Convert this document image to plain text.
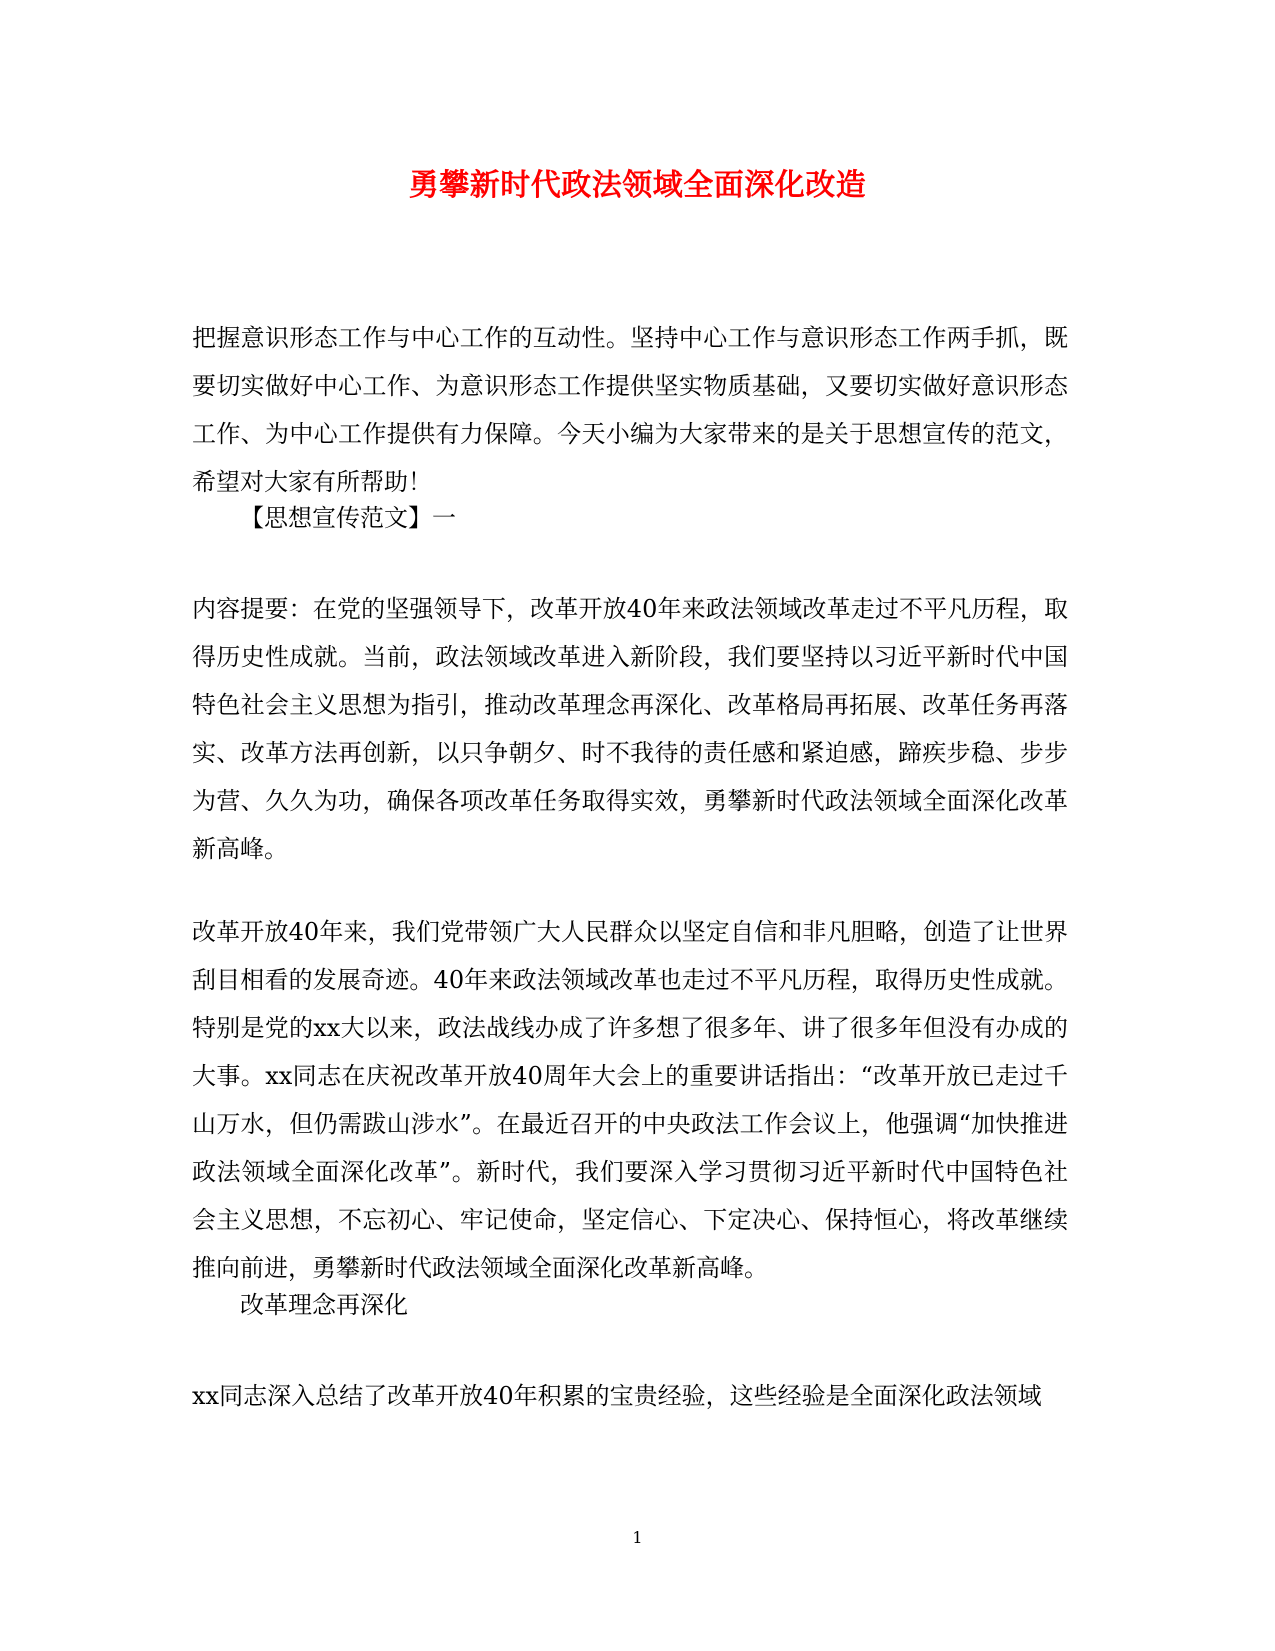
勇攀新时代政法领域全面深化改造

把握意识形态工作与中心工作的互动性。坚持中心工作与意识形态工作两手抓，既要切实做好中心工作、为意识形态工作提供坚实物质基础，又要切实做好意识形态工作、为中心工作提供有力保障。今天小编为大家带来的是关于思想宣传的范文，希望对大家有所帮助！

【思想宣传范文】一

内容提要：在党的坚强领导下，改革开放40年来政法领域改革走过不平凡历程，取得历史性成就。当前，政法领域改革进入新阶段，我们要坚持以习近平新时代中国特色社会主义思想为指引，推动改革理念再深化、改革格局再拓展、改革任务再落实、改革方法再创新，以只争朝夕、时不我待的责任感和紧迫感，蹄疾步稳、步步为营、久久为功，确保各项改革任务取得实效，勇攀新时代政法领域全面深化改革新高峰。

改革开放40年来，我们党带领广大人民群众以坚定自信和非凡胆略，创造了让世界刮目相看的发展奇迹。40年来政法领域改革也走过不平凡历程，取得历史性成就。特别是党的xx大以来，政法战线办成了许多想了很多年、讲了很多年但没有办成的大事。xx同志在庆祝改革开放40周年大会上的重要讲话指出：“改革开放已走过千山万水，但仍需跋山涉水”。在最近召开的中央政法工作会议上，他强调“加快推进政法领域全面深化改革”。新时代，我们要深入学习贯彻习近平新时代中国特色社会主义思想，不忘初心、牢记使命，坚定信心、下定决心、保持恒心，将改革继续推向前进，勇攀新时代政法领域全面深化改革新高峰。

改革理念再深化

xx同志深入总结了改革开放40年积累的宝贵经验，这些经验是全面深化政法领域

1
